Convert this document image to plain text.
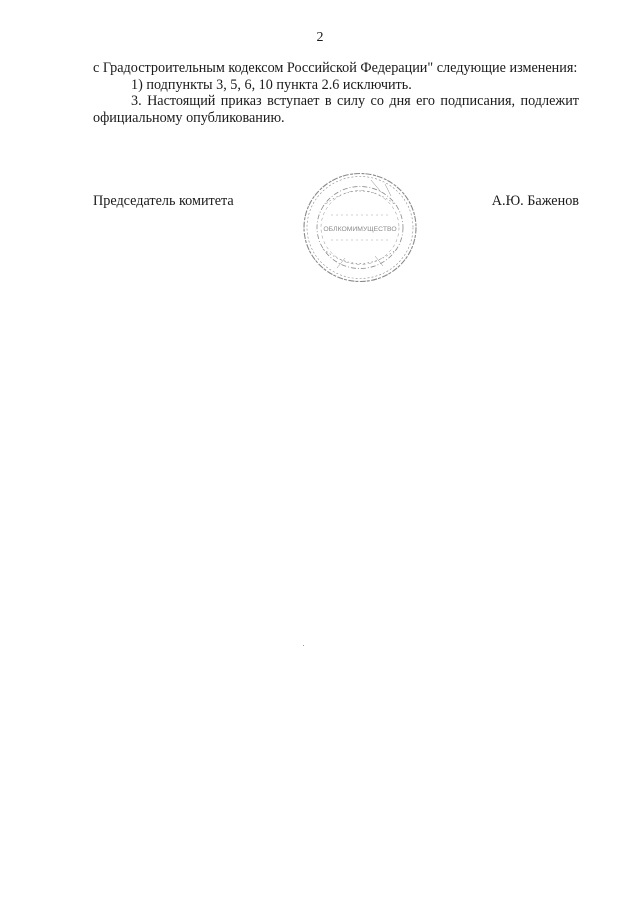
2

с Градостроительным кодексом Российской Федерации" следующие изменения:

1) подпункты 3, 5, 6, 10 пункта 2.6 исключить.

3. Настоящий приказ вступает в силу со дня его подписания, подлежит официальному опубликованию.

Председатель комитета	А.Ю. Баженов
ОБЛКОМИМУЩЕСТВО
